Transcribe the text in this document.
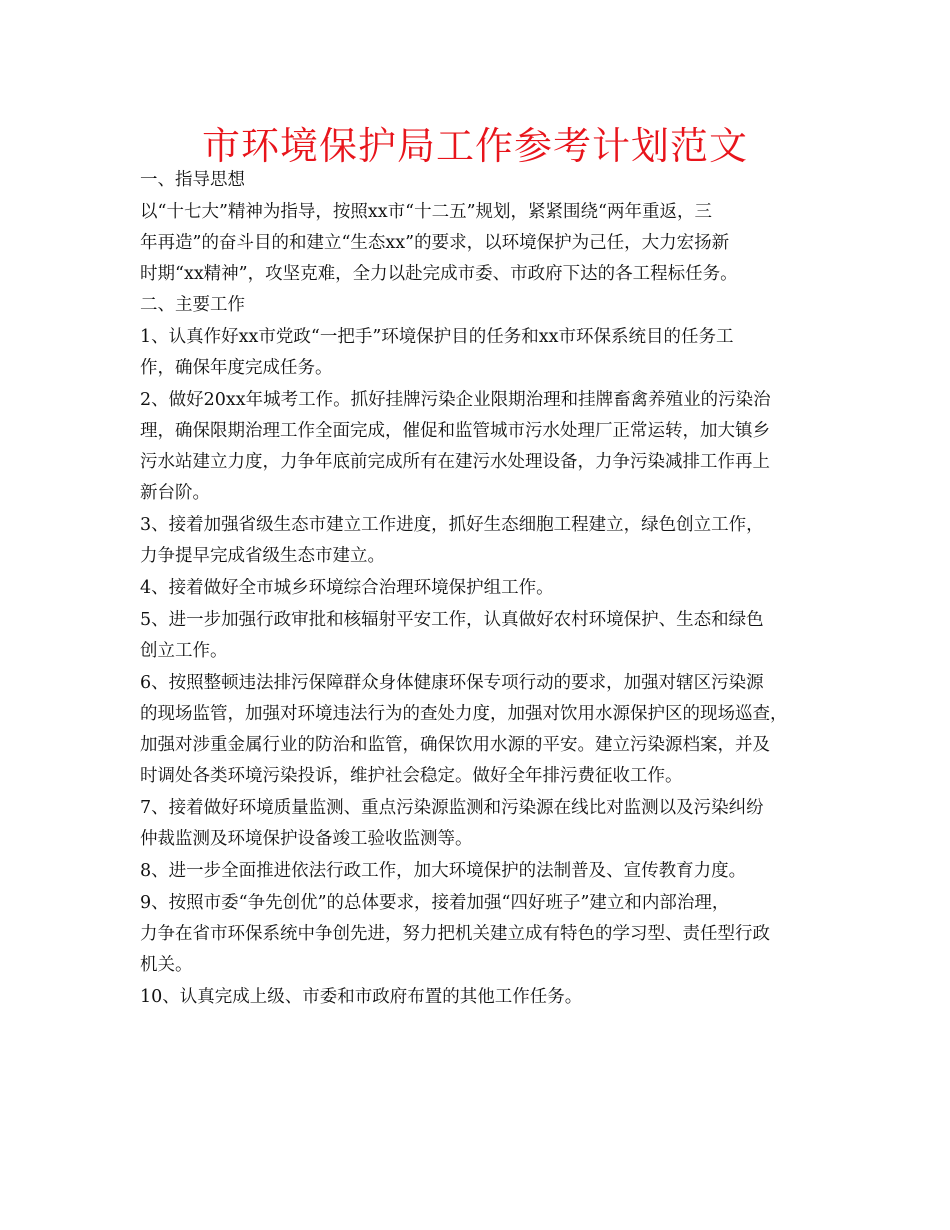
市环境保护局工作参考计划范文
一、指导思想
以“十七大”精神为指导，按照xx市“十二五”规划，紧紧围绕“两年重返，三
年再造”的奋斗目的和建立“生态xx”的要求，以环境保护为己任，大力宏扬新
时期“xx精神”，攻坚克难，全力以赴完成市委、市政府下达的各工程标任务。
二、主要工作
1、认真作好xx市党政“一把手”环境保护目的任务和xx市环保系统目的任务工
作，确保年度完成任务。
2、做好20xx年城考工作。抓好挂牌污染企业限期治理和挂牌畜禽养殖业的污染治
理，确保限期治理工作全面完成，催促和监管城市污水处理厂正常运转，加大镇乡
污水站建立力度，力争年底前完成所有在建污水处理设备，力争污染减排工作再上
新台阶。
3、接着加强省级生态市建立工作进度，抓好生态细胞工程建立，绿色创立工作，
力争提早完成省级生态市建立。
4、接着做好全市城乡环境综合治理环境保护组工作。
5、进一步加强行政审批和核辐射平安工作，认真做好农村环境保护、生态和绿色
创立工作。
6、按照整顿违法排污保障群众身体健康环保专项行动的要求，加强对辖区污染源
的现场监管，加强对环境违法行为的查处力度，加强对饮用水源保护区的现场巡查，
加强对涉重金属行业的防治和监管，确保饮用水源的平安。建立污染源档案，并及
时调处各类环境污染投诉，维护社会稳定。做好全年排污费征收工作。
7、接着做好环境质量监测、重点污染源监测和污染源在线比对监测以及污染纠纷
仲裁监测及环境保护设备竣工验收监测等。
8、进一步全面推进依法行政工作，加大环境保护的法制普及、宣传教育力度。
9、按照市委“争先创优”的总体要求，接着加强“四好班子”建立和内部治理，
力争在省市环保系统中争创先进，努力把机关建立成有特色的学习型、责任型行政
机关。
10、认真完成上级、市委和市政府布置的其他工作任务。
